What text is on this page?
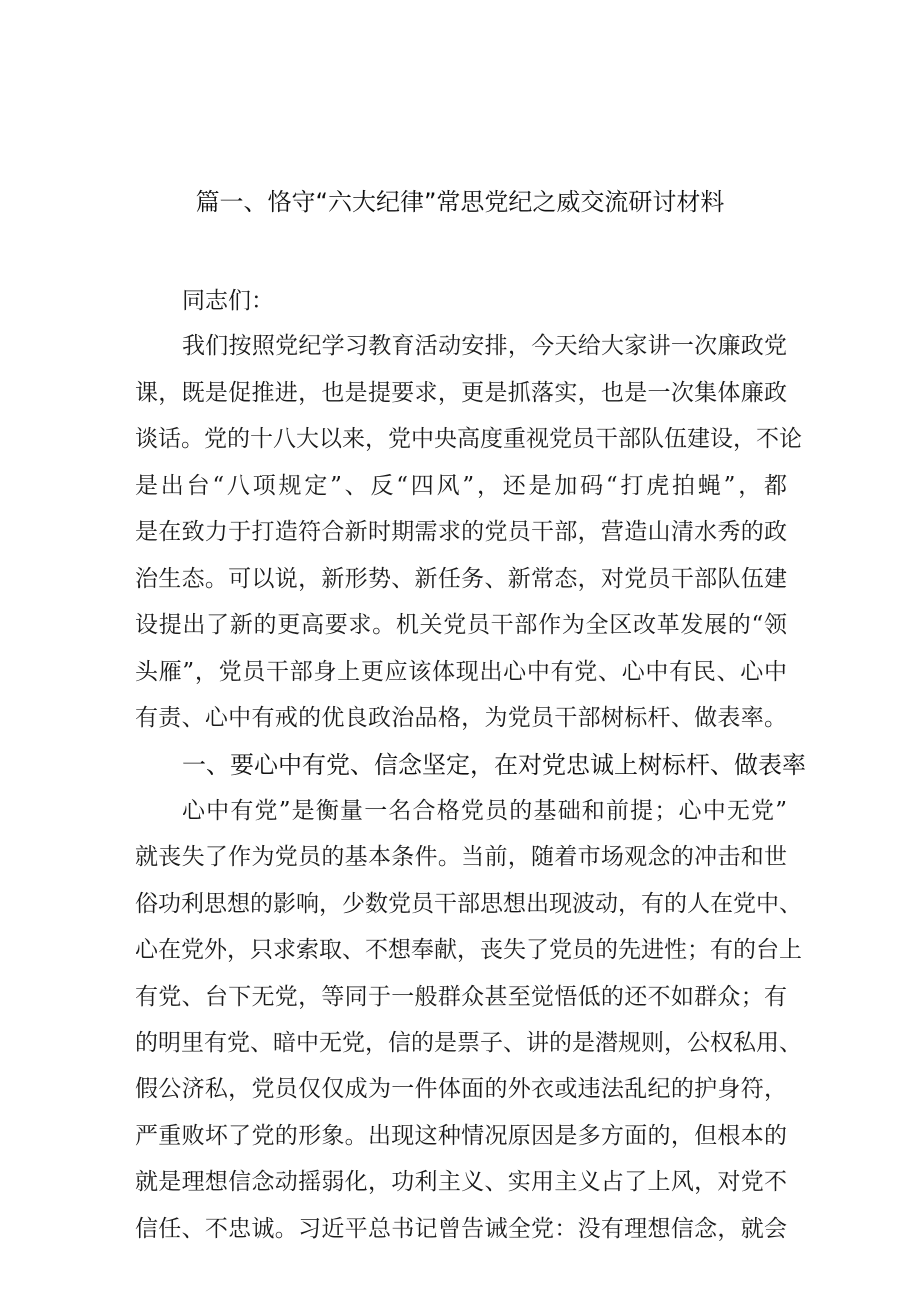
篇一、恪守“六大纪律”常思党纪之威交流研讨材料
同志们：
我们按照党纪学习教育活动安排，今天给大家讲一次廉政党
课，既是促推进，也是提要求，更是抓落实，也是一次集体廉政
谈话。党的十八大以来，党中央高度重视党员干部队伍建设，不论
是出台“八项规定”、反“四风”，还是加码“打虎拍蝇”，都
是在致力于打造符合新时期需求的党员干部，营造山清水秀的政
治生态。可以说，新形势、新任务、新常态，对党员干部队伍建
设提出了新的更高要求。机关党员干部作为全区改革发展的“领
头雁”，党员干部身上更应该体现出心中有党、心中有民、心中
有责、心中有戒的优良政治品格，为党员干部树标杆、做表率。
一、要心中有党、信念坚定，在对党忠诚上树标杆、做表率
心中有党”是衡量一名合格党员的基础和前提；心中无党”
就丧失了作为党员的基本条件。当前，随着市场观念的冲击和世
俗功利思想的影响，少数党员干部思想出现波动，有的人在党中、
心在党外，只求索取、不想奉献，丧失了党员的先进性；有的台上
有党、台下无党，等同于一般群众甚至觉悟低的还不如群众；有
的明里有党、暗中无党，信的是票子、讲的是潜规则，公权私用、
假公济私，党员仅仅成为一件体面的外衣或违法乱纪的护身符，
严重败坏了党的形象。出现这种情况原因是多方面的，但根本的
就是理想信念动摇弱化，功利主义、实用主义占了上风，对党不
信任、不忠诚。习近平总书记曾告诫全党：没有理想信念，就会
